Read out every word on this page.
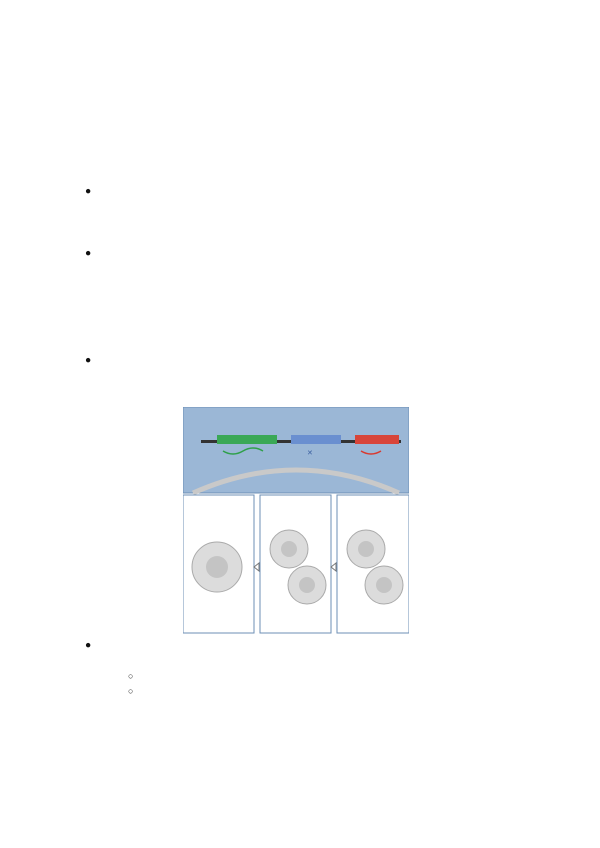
●
●

●
✕
●
○
○
